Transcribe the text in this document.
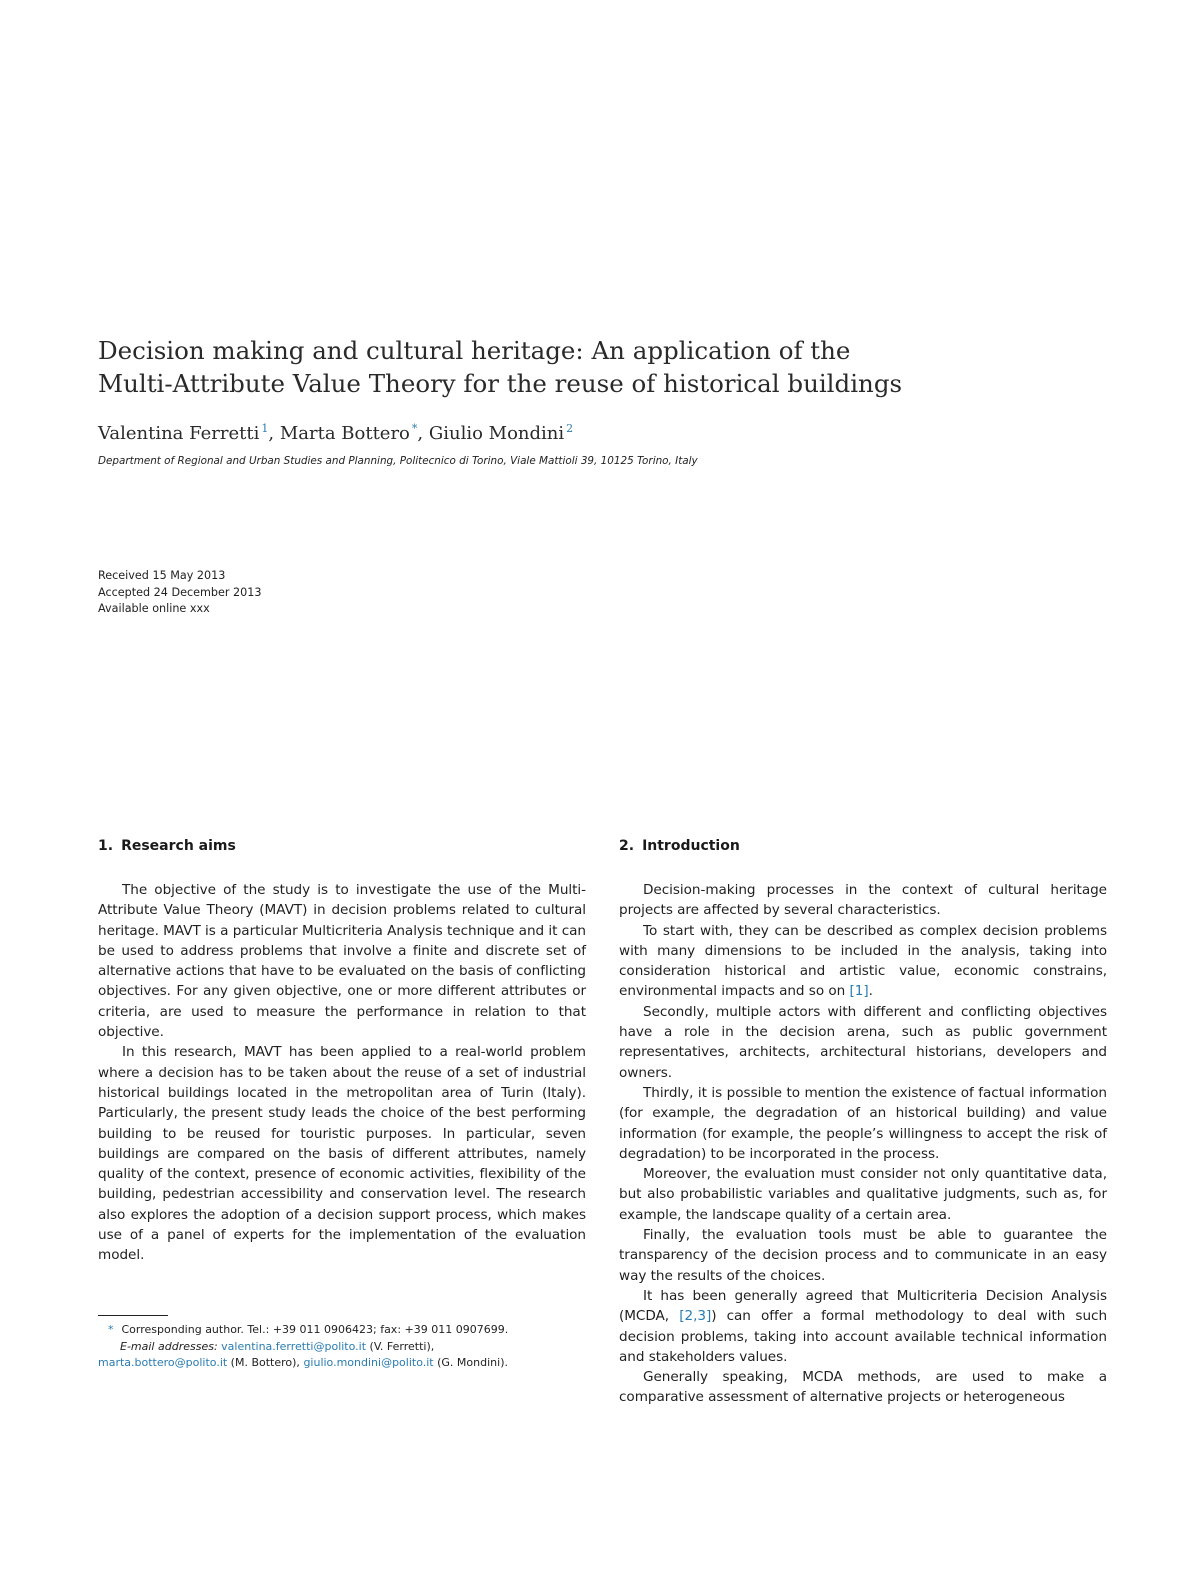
Decision making and cultural heritage: An application of the
Multi-Attribute Value Theory for the reuse of historical buildings
Valentina Ferretti $^1$, Marta Bottero *, Giulio Mondini $^2$
Department of Regional and Urban Studies and Planning, Politecnico di Torino, Viale Mattioli 39, 10125 Torino, Italy
Received 15 May 2013
Accepted 24 December 2013
Available online xxx
1. Research aims

The objective of the study is to investigate the use of the Multi-Attribute Value Theory (MAVT) in decision problems related to cultural heritage. MAVT is a particular Multicriteria Analysis technique and it can be used to address problems that involve a finite and discrete set of alternative actions that have to be evaluated on the basis of conflicting objectives. For any given objective, one or more different attributes or criteria, are used to measure the performance in relation to that objective.

In this research, MAVT has been applied to a real-world problem where a decision has to be taken about the reuse of a set of industrial historical buildings located in the metropolitan area of Turin (Italy). Particularly, the present study leads the choice of the best performing building to be reused for touristic purposes. In particular, seven buildings are compared on the basis of different attributes, namely quality of the context, presence of economic activities, flexibility of the building, pedestrian accessibility and conservation level. The research also explores the adoption of a decision support process, which makes use of a panel of experts for the implementation of the evaluation model.

2. Introduction

Decision-making processes in the context of cultural heritage projects are affected by several characteristics.

To start with, they can be described as complex decision problems with many dimensions to be included in the analysis, taking into consideration historical and artistic value, economic constrains, environmental impacts and so on [1].

Secondly, multiple actors with different and conflicting objectives have a role in the decision arena, such as public government representatives, architects, architectural historians, developers and owners.

Thirdly, it is possible to mention the existence of factual information (for example, the degradation of an historical building) and value information (for example, the people’s willingness to accept the risk of degradation) to be incorporated in the process.

Moreover, the evaluation must consider not only quantitative data, but also probabilistic variables and qualitative judgments, such as, for example, the landscape quality of a certain area.

Finally, the evaluation tools must be able to guarantee the transparency of the decision process and to communicate in an easy way the results of the choices.

It has been generally agreed that Multicriteria Decision Analysis (MCDA, [2,3]) can offer a formal methodology to deal with such decision problems, taking into account available technical information and stakeholders values.

Generally speaking, MCDA methods, are used to make a comparative assessment of alternative projects or heterogeneous

* Corresponding author. Tel.: +39 011 0906423; fax: +39 011 0907699.
E-mail addresses: valentina.ferretti@polito.it (V. Ferretti),
marta.bottero@polito.it (M. Bottero), giulio.mondini@polito.it (G. Mondini).
